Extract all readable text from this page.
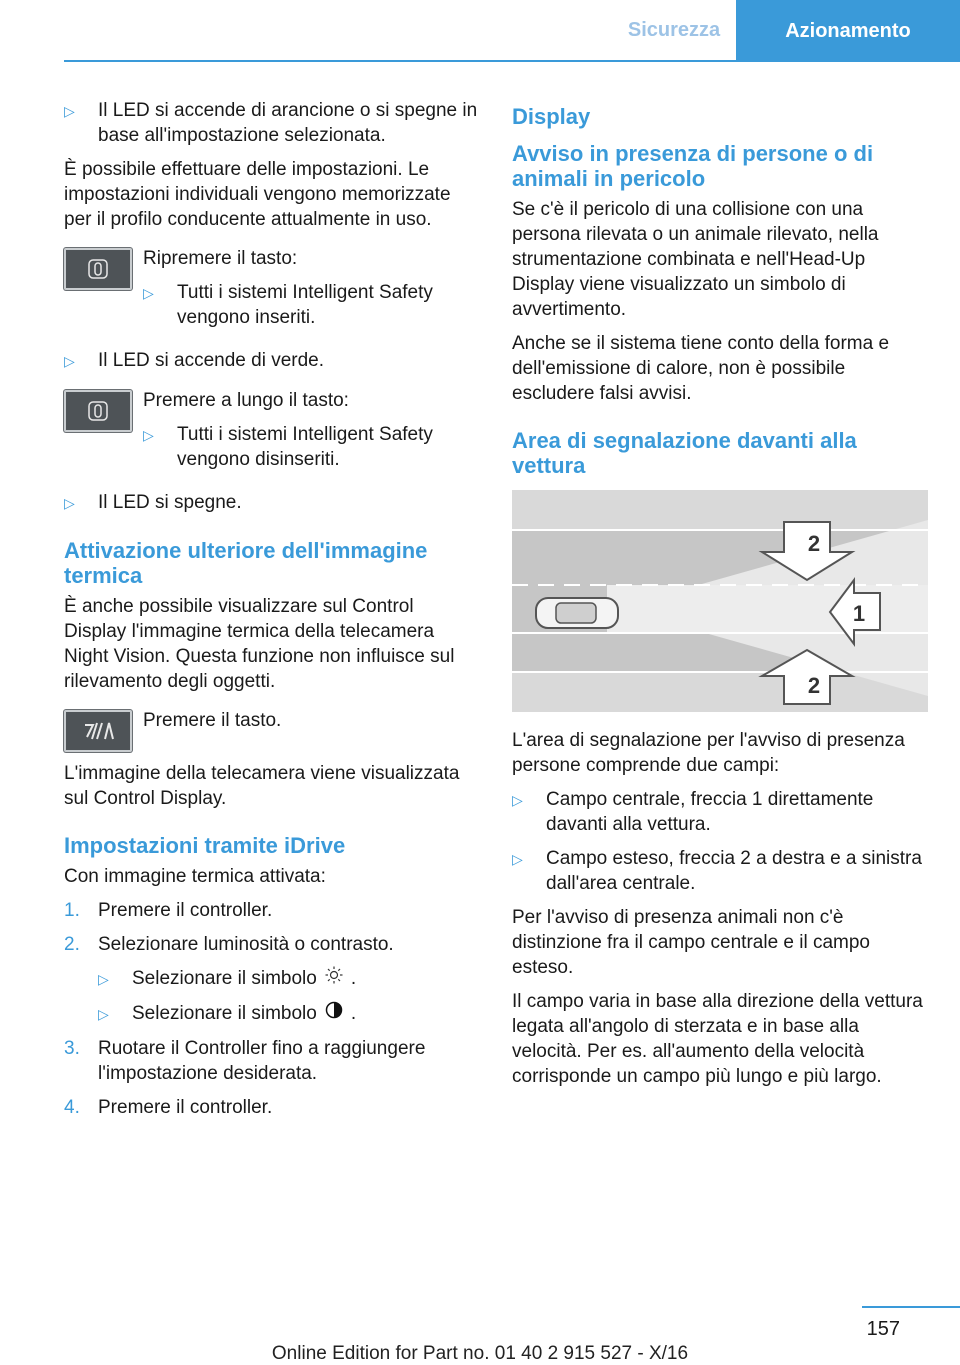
Sicurezza	Azionamento
▷	Il LED si accende di arancione o si spegne in base all'impostazione selezionata.

È possibile effettuare delle impostazioni. Le impostazioni individuali vengono memorizzate per il profilo conducente attualmente in uso.

Ripremere il tasto:

▷	Tutti i sistemi Intelligent Safety vengono inseriti.
▷	Il LED si accende di verde.

Premere a lungo il tasto:

▷	Tutti i sistemi Intelligent Safety vengono disinseriti.
▷	Il LED si spegne.
Attivazione ulteriore dell'immagine termica

È anche possibile visualizzare sul Control Display l'immagine termica della telecamera Night Vision. Questa funzione non influisce sul rilevamento degli oggetti.

Premere il tasto.

L'immagine della telecamera viene visualizzata sul Control Display.

Impostazioni tramite iDrive

Con immagine termica attivata:

1. Premere il controller.
2. Selezionare luminosità o contrasto.
▷	Selezionare il simbolo .
▷	Selezionare il simbolo .
3. Ruotare il Controller fino a raggiungere l'impostazione desiderata.
4. Premere il controller.
Display
Avviso in presenza di persone o di animali in pericolo

Se c'è il pericolo di una collisione con una persona rilevata o un animale rilevato, nella strumentazione combinata e nell'Head-Up Display viene visualizzato un simbolo di avvertimento.

Anche se il sistema tiene conto della forma e dell'emissione di calore, non è possibile escludere falsi avvisi.

Area di segnalazione davanti alla vettura
2
1
2

L'area di segnalazione per l'avviso di presenza persone comprende due campi:

▷	Campo centrale, freccia 1 direttamente davanti alla vettura.
▷	Campo esteso, freccia 2 a destra e a sinistra dall'area centrale.

Per l'avviso di presenza animali non c'è distinzione fra il campo centrale e il campo esteso.

Il campo varia in base alla direzione della vettura legata all'angolo di sterzata e in base alla velocità. Per es. all'aumento della velocità corrisponde un campo più lungo e più largo.

157
Online Edition for Part no. 01 40 2 915 527 - X/16
